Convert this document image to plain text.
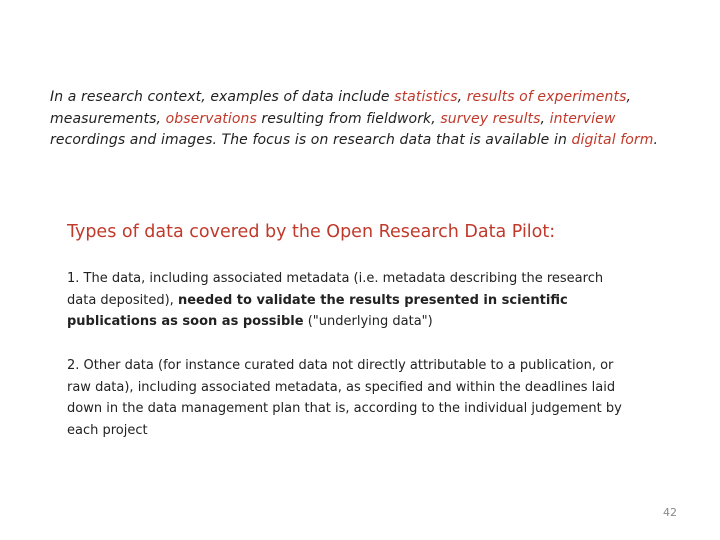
In a research context, examples of data include statistics, results of experiments, measurements, observations resulting from fieldwork, survey results, interview recordings and images. The focus is on research data that is available in digital form.
Types of data covered by the Open Research Data Pilot:
1. The data, including associated metadata (i.e. metadata describing the research data deposited), needed to validate the results presented in scientific publications as soon as possible ("underlying data")
2. Other data (for instance curated data not directly attributable to a publication, or raw data), including associated metadata, as specified and within the deadlines laid down in the data management plan that is, according to the individual judgement by each project
42
